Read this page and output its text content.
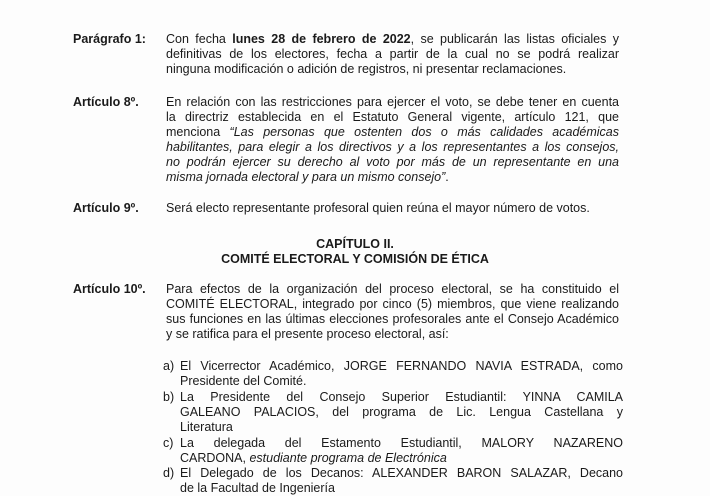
Parágrafo 1: Con fecha lunes 28 de febrero de 2022, se publicarán las listas oficiales y
definitivas de los electores, fecha a partir de la cual no se podrá realizar
ninguna modificación o adición de registros, ni presentar reclamaciones.
Artículo 8º. En relación con las restricciones para ejercer el voto, se debe tener en cuenta
la directriz establecida en el Estatuto General vigente, artículo 121, que
menciona “Las personas que ostenten dos o más calidades académicas
habilitantes, para elegir a los directivos y a los representantes a los consejos,
no podrán ejercer su derecho al voto por más de un representante en una
misma jornada electoral y para un mismo consejo”.
Artículo 9º. Será electo representante profesoral quien reúna el mayor número de votos.
CAPÍTULO II.
COMITÉ ELECTORAL Y COMISIÓN DE ÉTICA
Artículo 10º. Para efectos de la organización del proceso electoral, se ha constituido el
COMITÉ ELECTORAL, integrado por cinco (5) miembros, que viene realizando
sus funciones en las últimas elecciones profesorales ante el Consejo Académico
y se ratifica para el presente proceso electoral, así:
a) El Vicerrector Académico, JORGE FERNANDO NAVIA ESTRADA, como
Presidente del Comité.
b) La Presidente del Consejo Superior Estudiantil: YINNA CAMILA
GALEANO PALACIOS, del programa de Lic. Lengua Castellana y
Literatura
c) La delegada del Estamento Estudiantil, MALORY NAZARENO
CARDONA, estudiante programa de Electrónica
d) El Delegado de los Decanos: ALEXANDER BARON SALAZAR, Decano
de la Facultad de Ingeniería
